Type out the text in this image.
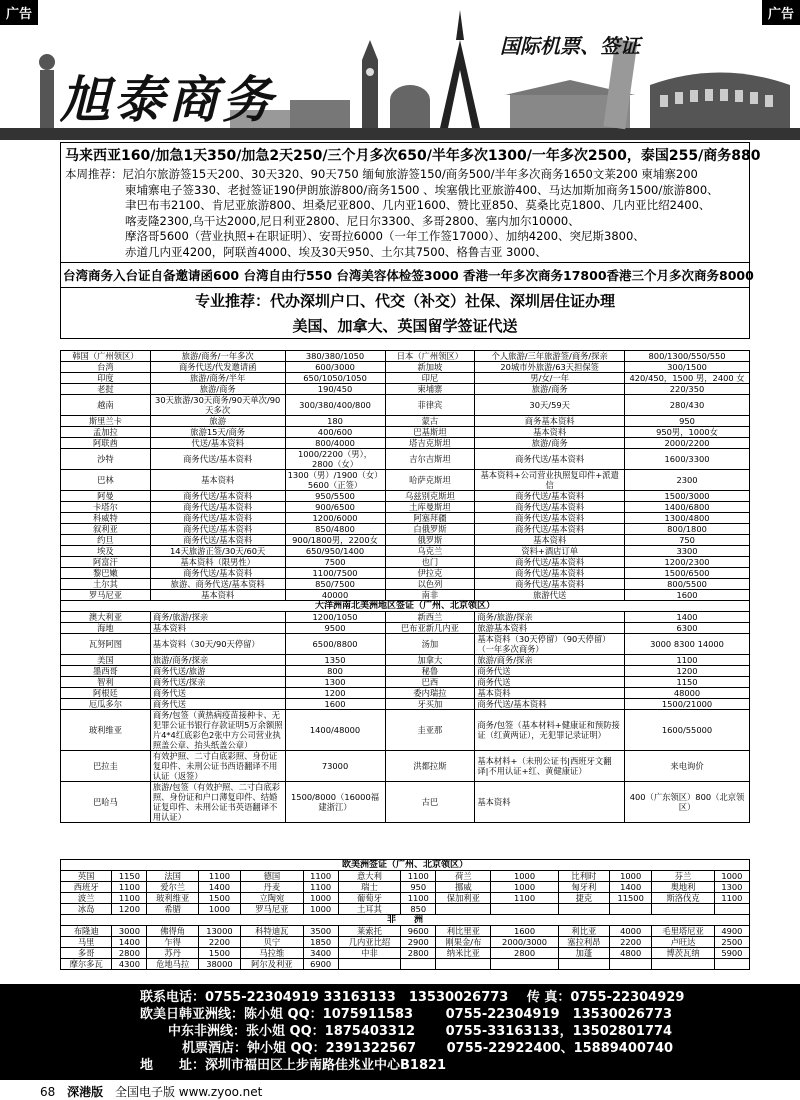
广告	广告
旭泰商务
国际机票、签证
马来西亚160/加急1天350/加急2天250/三个月多次650/半年多次1300/一年多次2500，泰国255/商务880
本周推荐：尼泊尔旅游签15天200、30天320、90天750 缅甸旅游签150/商务500/半年多次商务1650文莱200 柬埔寨200
柬埔寨电子签330、老挝签证190伊朗旅游800/商务1500 、埃塞俄比亚旅游400、马达加斯加商务1500/旅游800、
聿巴布韦2100、肯尼亚旅游800、坦桑尼亚800、几内亚1600、赞比亚850、莫桑比克1800、几内亚比绍2400、
喀麦隆2300,乌干达2000,尼日利亚2800、尼日尔3300、多哥2800、塞内加尔10000、
摩洛哥5600（营业执照+在职证明）、安哥拉6000（一年工作签17000）、加纳4200、突尼斯3800、
赤道几内亚4200，阿联酋4000、埃及30天950、土尔其7500、格鲁吉亚 3000、
台湾商务入台证自备邀请函600 台湾自由行550 台湾美容体检签3000 香港一年多次商务17800香港三个月多次商务8000
专业推荐：代办深圳户口、代交（补交）社保、深圳居住证办理
美国、加拿大、英国留学签证代送
韩国（广州领区）	旅游/商务/一年多次	380/380/1050	日本（广州领区）	个人旅游/三年旅游签/商务/探亲	800/1300/550/550
台湾	商务代送/代发邀请函	600/3000	新加坡	20城市外旅游/63天担保签	300/1500
印度	旅游/商务/半年	650/1050/1050	印尼	男/女/一年	420/450，1500 男，2400 女
老挝	旅游/商务	190/450	柬埔寨	旅游/商务	220/350
越南	30天旅游/30天商务/90天单次/90天多次	300/380/400/800	菲律宾	30天/59天	280/430
斯里兰卡	旅游	180	蒙古	商务基本资料	950
孟加拉	旅游15天/商务	400/600	巴基斯坦	基本资料	950男，1000女
阿联酋	代送/基本资料	800/4000	塔吉克斯坦	旅游/商务	2000/2200
沙特	商务代送/基本资料	1000/2200（男），2800（女）	吉尔吉斯坦	商务代送/基本资料	1600/3300
巴林	基本资料	1300（男）/1900（女）5600（正签）	哈萨克斯坦	基本资料+公司营业执照复印件+派遣信	2300
阿曼	商务代送/基本资料	950/5500	乌兹别克斯坦	商务代送/基本资料	1500/3000
卡塔尔	商务代送/基本资料	900/6500	土库曼斯坦	商务代送/基本资料	1400/6800
科威特	商务代送/基本资料	1200/6000	阿塞拜疆	商务代送/基本资料	1300/4800
叙利亚	商务代送/基本资料	850/4800	白俄罗斯	商务代送/基本资料	800/1800
约旦	商务代送/基本资料	900/1800男，2200女	俄罗斯	基本资料	750
埃及	14天旅游正签/30天/60天	650/950/1400	乌克兰	资料+酒店订单	3300
阿富汗	基本资料（限男性）	7500	也门	商务代送/基本资料	1200/2300
黎巴嫩	商务代送/基本资料	1100/7500	伊拉克	商务代送/基本资料	1500/6500
土尔其	旅游、商务代送/基本资料	850/7500	以色列	商务代送/基本资料	800/5500
罗马尼亚	基本资料	40000	南非	旅游代送	1600
大洋洲南北美洲地区签证（广州、北京领区）					
澳大利亚	商务/旅游/探亲	1200/1050	新西兰	商务/旅游/探亲	1400
海地	基本资料	9500	巴布亚新几内亚	旅游基本资料	6300
瓦努阿图	基本资料（30天/90天停留）	6500/8800	汤加	基本资料（30天停留）（90天停留）（一年多次商务）	3000 8300 14000
美国	旅游/商务/探亲	1350	加拿大	旅游/商务/探亲	1100
墨西哥	商务代送/旅游	800	秘鲁	商务代送	1200
智利	商务代送/探亲	1300	巴西	商务代送	1150
阿根廷	商务代送	1200	委内瑞拉	基本资料	48000
厄瓜多尔	商务代送	1600	牙买加	商务代送/基本资料	1500/21000
玻利维亚	商务/包签（黄热病疫苗接种卡、无犯罪公证书银行存款证明5万余额照片4*4红底彩色2张中方公司营业执照盖公章、抬头纸盖公章）	1400/48000	圭亚那	商务/包签（基本材料+健康证和预防接证（红黄两证），无犯罪记录证明）	1600/55000
巴拉圭	有效护照、二寸白底彩照、身份证复印件、未刑公证书西语翻译不用认证（返签）	73000	洪都拉斯	基本材料+（未刑公证书|西班牙文翻译|不用认证+红、黄健康证）	来电询价
巴哈马	旅游/包签（有效护照、二寸白底彩照、身份证和户口薄复印件、结婚证复印件、未刑公证书英语翻译不用认证）	1500/8000（16000福建浙江）	古巴	基本资料	400（广东领区）800（北京领区）
欧美洲签证（广州、北京领区）													
英国	1150	法国	1100	德国	1100	意大利	1100	荷兰	1000	比利时	1000	芬兰	1000
西班牙	1100	爱尔兰	1400	丹麦	1100	瑞士	950	挪威	1000	匈牙利	1400	奥地利	1300
波兰	1100	玻利维亚	1500	立陶宛	1000	葡萄牙	1100	保加利亚	1100	捷克	11500	斯洛伐克	1100
冰岛	1200	希腊	1000	罗马尼亚	1000	土耳其	850						
非　　洲													
布隆迪	3000	佛得角	13000	科特迪瓦	3500	莱索托	9600	利比里亚	1600	利比亚	4000	毛里塔尼亚	4900
马里	1400	乍得	2200	贝宁	1850	几内亚比绍	2900	刚果金/布	2000/3000	塞拉利昂	2200	卢旺达	2500
多哥	2800	苏丹	1500	马拉维	3400	中非	2800	纳米比亚	2800	加蓬	4800	博茨瓦纳	5900
摩尔多瓦	4300	危地马拉	38000	阿尔及利亚	6900								
联系电话：0755-22304919 33163133　13530026773 传 真：0755-22304929
欧美日韩亚洲线：陈小姐 QQ：1075911583	0755-22304919　13530026773
中东非洲线：张小姐 QQ：1875403312 0755-33163133，13502801774
机票酒店：钟小姐 QQ：2391322567 0755-22922400、15889400740
地　　址：深圳市福田区上步南路佳兆业中心B1821
68 深港版 全国电子版 www.zyoo.net
